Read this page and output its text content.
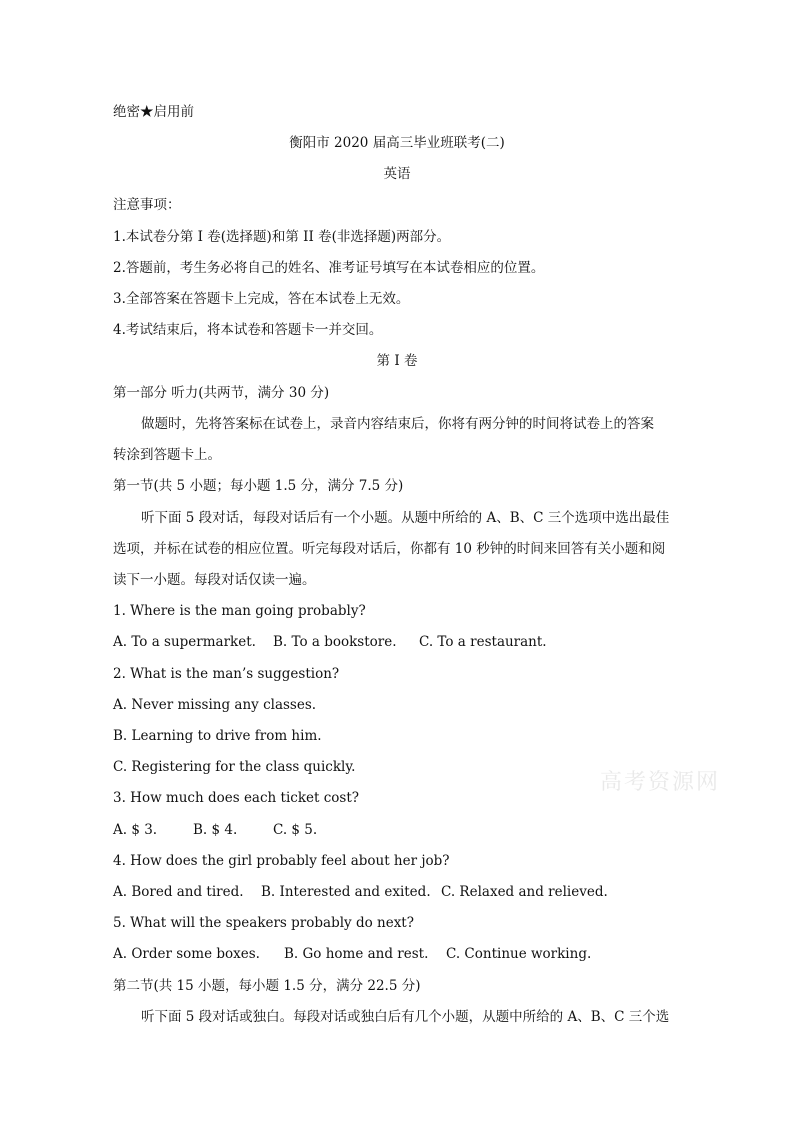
绝密★启用前
衡阳市 2020 届高三毕业班联考(二)
英语
注意事项：
1.本试卷分第 I 卷(选择题)和第 II 卷(非选择题)两部分。
2.答题前，考生务必将自己的姓名、准考证号填写在本试卷相应的位置。
3.全部答案在答题卡上完成，答在本试卷上无效。
4.考试结束后，将本试卷和答题卡一并交回。
第 I 卷
第一部分 听力(共两节，满分 30 分)
做题时，先将答案标在试卷上，录音内容结束后，你将有两分钟的时间将试卷上的答案
转涂到答题卡上。
第一节(共 5 小题；每小题 1.5 分，满分 7.5 分)
听下面 5 段对话，每段对话后有一个小题。从题中所给的 A、B、C 三个选项中选出最佳
选项，并标在试卷的相应位置。听完每段对话后，你都有 10 秒钟的时间来回答有关小题和阅
读下一小题。每段对话仅读一遍。
1. Where is the man going probably?
A. To a supermarket. B. To a bookstore. C. To a restaurant.
2. What is the man’s suggestion?
A. Never missing any classes.
B. Learning to drive from him.
C. Registering for the class quickly.
3. How much does each ticket cost?
A. $ 3.	B. $ 4.	C. $ 5.
4. How does the girl probably feel about her job?
A. Bored and tired. B. Interested and exited. C. Relaxed and relieved.
5. What will the speakers probably do next?
A. Order some boxes. B. Go home and rest. C. Continue working.
第二节(共 15 小题，每小题 1.5 分，满分 22.5 分)
听下面 5 段对话或独白。每段对话或独白后有几个小题，从题中所给的 A、B、C 三个选
高考资源网
